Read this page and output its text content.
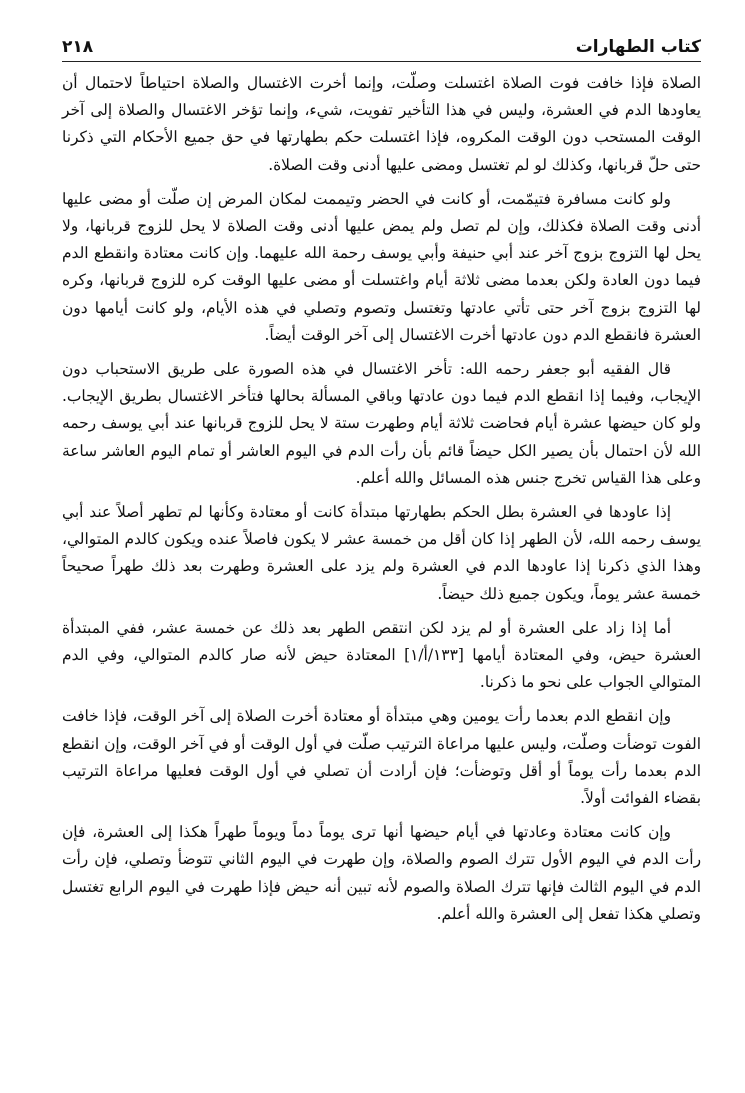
كتاب الطهارات
٢١٨

الصلاة فإذا خافت فوت الصلاة اغتسلت وصلّت، وإنما أخرت الاغتسال والصلاة احتياطاً لاحتمال أن يعاودها الدم في العشرة، وليس في هذا التأخير تفويت، شيء، وإنما تؤخر الاغتسال والصلاة إلى آخر الوقت المستحب دون الوقت المكروه، فإذا اغتسلت حكم بطهارتها في حق جميع الأحكام التي ذكرنا حتى حلّ قربانها، وكذلك لو لم تغتسل ومضى عليها أدنى وقت الصلاة.

ولو كانت مسافرة فتيمّمت، أو كانت في الحضر وتيممت لمكان المرض إن صلّت أو مضى عليها أدنى وقت الصلاة فكذلك، وإن لم تصل ولم يمض عليها أدنى وقت الصلاة لا يحل للزوج قربانها، ولا يحل لها التزوج بزوج آخر عند أبي حنيفة وأبي يوسف رحمة الله عليهما. وإن كانت معتادة وانقطع الدم فيما دون العادة ولكن بعدما مضى ثلاثة أيام واغتسلت أو مضى عليها الوقت كره للزوج قربانها، وكره لها التزوج بزوج آخر حتى تأتي عادتها وتغتسل وتصوم وتصلي في هذه الأيام، ولو كانت أيامها دون العشرة فانقطع الدم دون عادتها أخرت الاغتسال إلى آخر الوقت أيضاً.

قال الفقيه أبو جعفر رحمه الله: تأخر الاغتسال في هذه الصورة على طريق الاستحباب دون الإيجاب، وفيما إذا انقطع الدم فيما دون عادتها وباقي المسألة بحالها فتأخر الاغتسال بطريق الإيجاب. ولو كان حيضها عشرة أيام فحاضت ثلاثة أيام وطهرت ستة لا يحل للزوج قربانها عند أبي يوسف رحمه الله لأن احتمال بأن يصير الكل حيضاً قائم بأن رأت الدم في اليوم العاشر أو تمام اليوم العاشر ساعة وعلى هذا القياس تخرج جنس هذه المسائل والله أعلم.

إذا عاودها في العشرة بطل الحكم بطهارتها مبتدأة كانت أو معتادة وكأنها لم تطهر أصلاً عند أبي يوسف رحمه الله، لأن الطهر إذا كان أقل من خمسة عشر لا يكون فاصلاً عنده ويكون كالدم المتوالي، وهذا الذي ذكرنا إذا عاودها الدم في العشرة ولم يزد على العشرة وطهرت بعد ذلك طهراً صحيحاً خمسة عشر يوماً، ويكون جميع ذلك حيضاً.

أما إذا زاد على العشرة أو لم يزد لكن انتقص الطهر بعد ذلك عن خمسة عشر، ففي المبتدأة العشرة حيض، وفي المعتادة أيامها [١٣٣/أ/١] المعتادة حيض لأنه صار كالدم المتوالي، وفي الدم المتوالي الجواب على نحو ما ذكرنا.

وإن انقطع الدم بعدما رأت يومين وهي مبتدأة أو معتادة أخرت الصلاة إلى آخر الوقت، فإذا خافت الفوت توضأت وصلّت، وليس عليها مراعاة الترتيب صلّت في أول الوقت أو في آخر الوقت، وإن انقطع الدم بعدما رأت يوماً أو أقل وتوضأت؛ فإن أرادت أن تصلي في أول الوقت فعليها مراعاة الترتيب بقضاء الفوائت أولاً.

وإن كانت معتادة وعادتها في أيام حيضها أنها ترى يوماً دماً ويوماً طهراً هكذا إلى العشرة، فإن رأت الدم في اليوم الأول تترك الصوم والصلاة، وإن طهرت في اليوم الثاني تتوضأ وتصلي، فإن رأت الدم في اليوم الثالث فإنها تترك الصلاة والصوم لأنه تبين أنه حيض فإذا طهرت في اليوم الرابع تغتسل وتصلي هكذا تفعل إلى العشرة والله أعلم.
